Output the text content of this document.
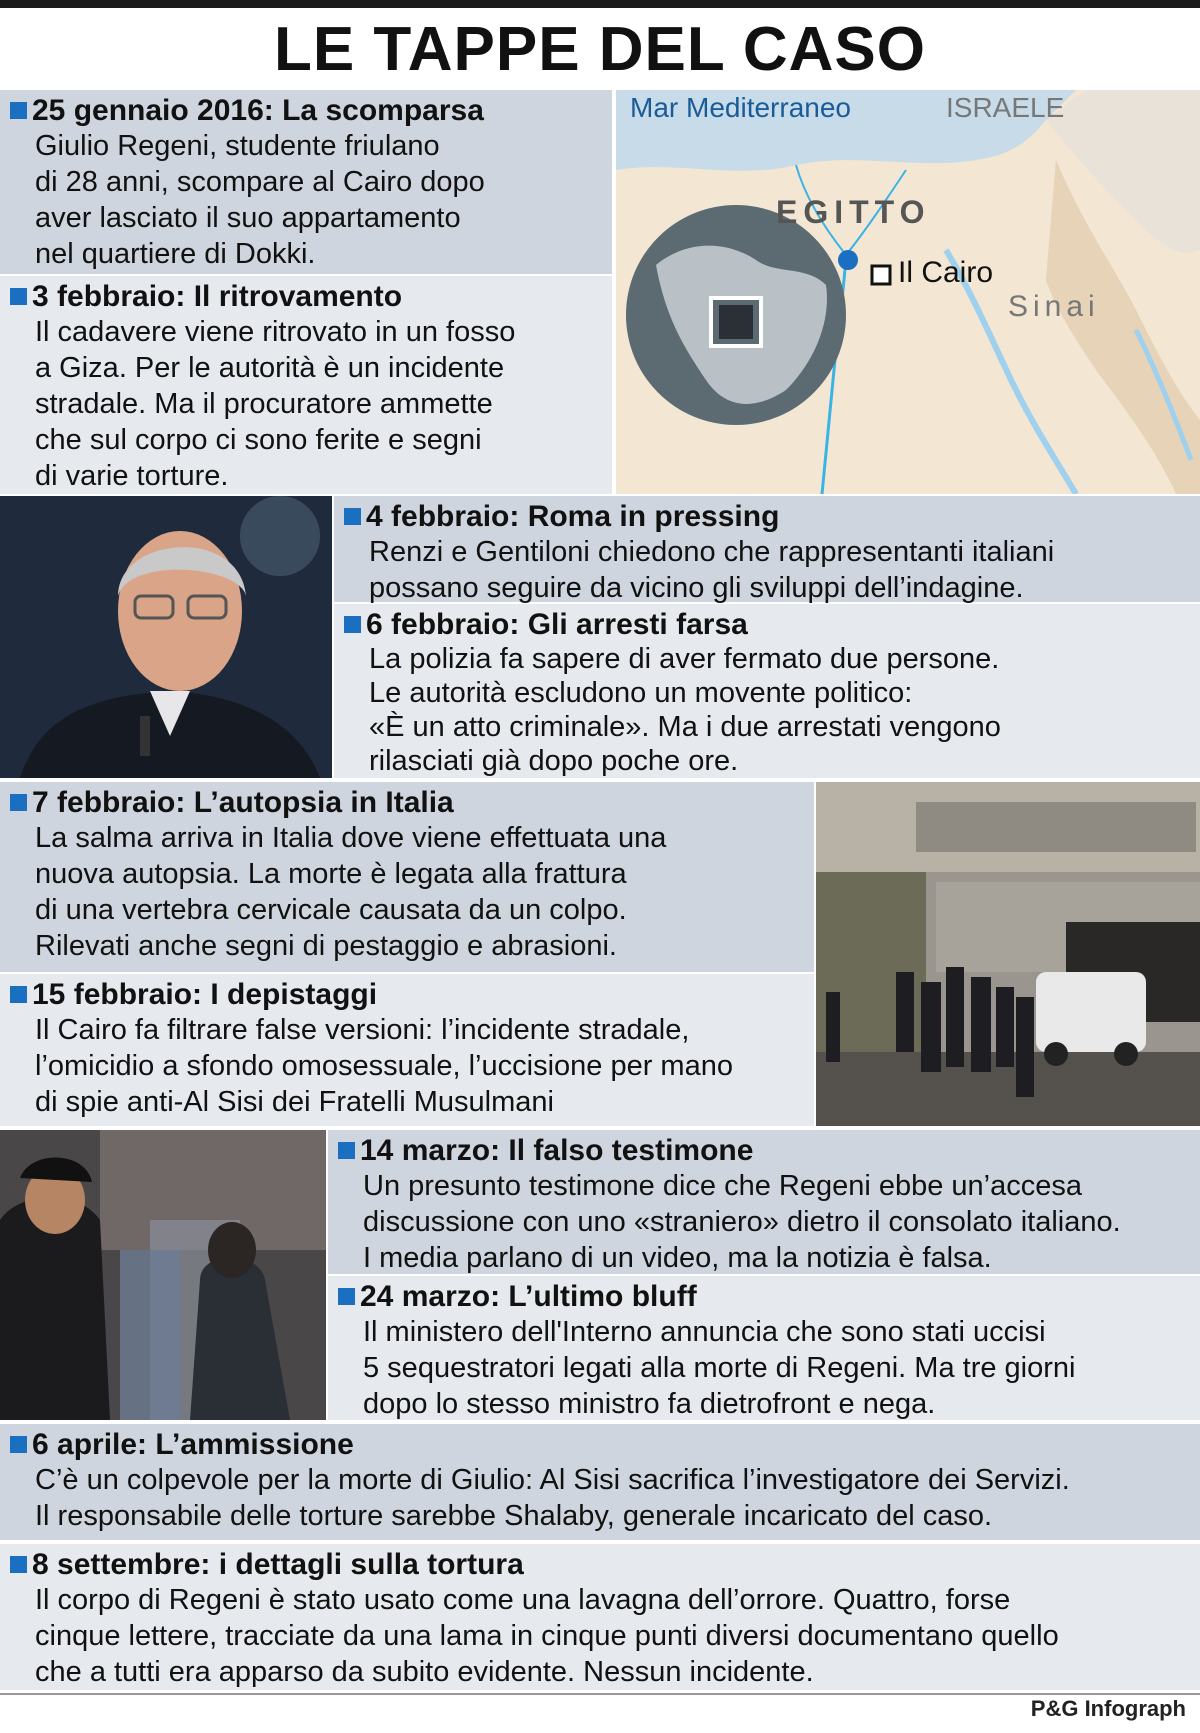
LE TAPPE DEL CASO
25 gennaio 2016: La scomparsa
Giulio Regeni, studente friulano
di 28 anni, scompare al Cairo dopo
aver lasciato il suo appartamento
nel quartiere di Dokki.
3 febbraio: Il ritrovamento
Il cadavere viene ritrovato in un fosso
a Giza. Per le autorità è un incidente
stradale. Ma il procuratore ammette
che sul corpo ci sono ferite e segni
di varie torture.
Mar Mediterraneo	ISRAELE
EGITTO
Il Cairo
Sinai
4 febbraio: Roma in pressing
Renzi e Gentiloni chiedono che rappresentanti italiani
possano seguire da vicino gli sviluppi dell’indagine.
6 febbraio: Gli arresti farsa
La polizia fa sapere di aver fermato due persone.
Le autorità escludono un movente politico:
«È un atto criminale». Ma i due arrestati vengono
rilasciati già dopo poche ore.
7 febbraio: L’autopsia in Italia
La salma arriva in Italia dove viene effettuata una
nuova autopsia. La morte è legata alla frattura
di una vertebra cervicale causata da un colpo.
Rilevati anche segni di pestaggio e abrasioni.
15 febbraio: I depistaggi
Il Cairo fa filtrare false versioni: l’incidente stradale,
l’omicidio a sfondo omosessuale, l’uccisione per mano
di spie anti-Al Sisi dei Fratelli Musulmani
14 marzo: Il falso testimone
Un presunto testimone dice che Regeni ebbe un’accesa
discussione con uno «straniero» dietro il consolato italiano.
I media parlano di un video, ma la notizia è falsa.
24 marzo: L’ultimo bluff
Il ministero dell'Interno annuncia che sono stati uccisi
5 sequestratori legati alla morte di Regeni. Ma tre giorni
dopo lo stesso ministro fa dietrofront e nega.
6 aprile: L’ammissione
C’è un colpevole per la morte di Giulio: Al Sisi sacrifica l’investigatore dei Servizi.
Il responsabile delle torture sarebbe Shalaby, generale incaricato del caso.
8 settembre: i dettagli sulla tortura
Il corpo di Regeni è stato usato come una lavagna dell’orrore. Quattro, forse
cinque lettere, tracciate da una lama in cinque punti diversi documentano quello
che a tutti era apparso da subito evidente. Nessun incidente.
P&G Infograph
